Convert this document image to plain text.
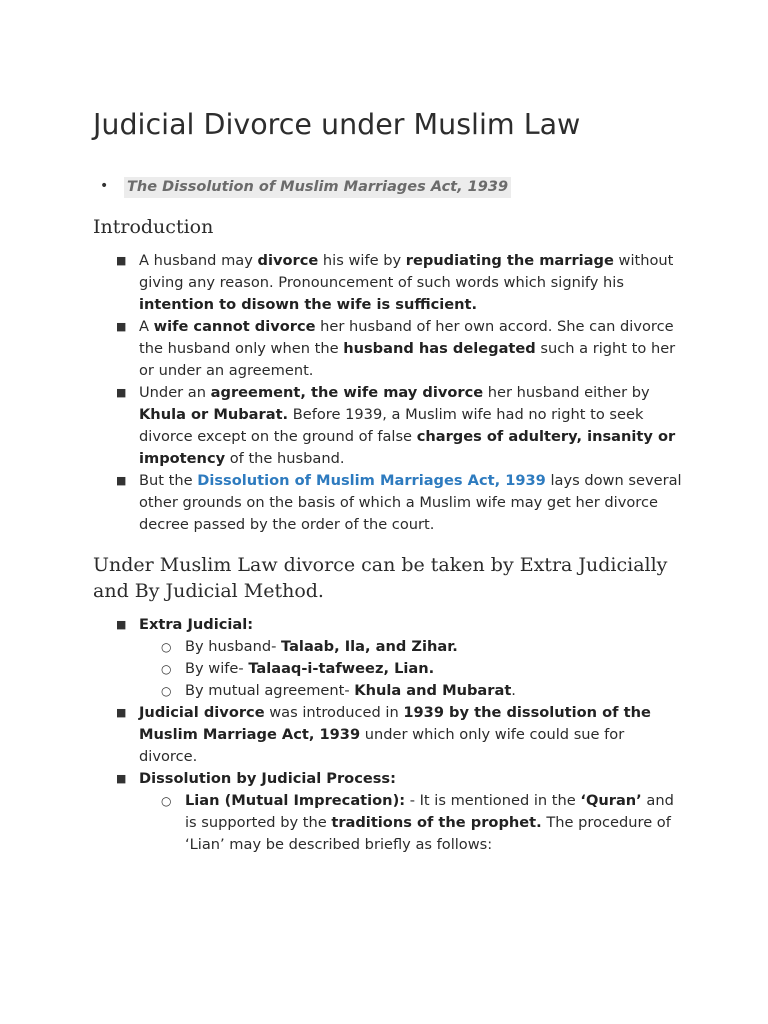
Judicial Divorce under Muslim Law
• The Dissolution of Muslim Marriages Act, 1939
Introduction
■ A husband may divorce his wife by repudiating the marriage without giving any reason. Pronouncement of such words which signify his intention to disown the wife is sufficient.
■ A wife cannot divorce her husband of her own accord. She can divorce the husband only when the husband has delegated such a right to her or under an agreement.
■ Under an agreement, the wife may divorce her husband either by Khula or Mubarat. Before 1939, a Muslim wife had no right to seek divorce except on the ground of false charges of adultery, insanity or impotency of the husband.
■ But the Dissolution of Muslim Marriages Act, 1939 lays down several other grounds on the basis of which a Muslim wife may get her divorce decree passed by the order of the court.
Under Muslim Law divorce can be taken by Extra Judicially and By Judicial Method.
■ Extra Judicial:
○ By husband- Talaab, Ila, and Zihar.
○ By wife- Talaaq-i-tafweez, Lian.
○ By mutual agreement- Khula and Mubarat.
■ Judicial divorce was introduced in 1939 by the dissolution of the Muslim Marriage Act, 1939 under which only wife could sue for divorce.
■ Dissolution by Judicial Process:
○ Lian (Mutual Imprecation): - It is mentioned in the ‘Quran’ and is supported by the traditions of the prophet. The procedure of ‘Lian’ may be described briefly as follows:
